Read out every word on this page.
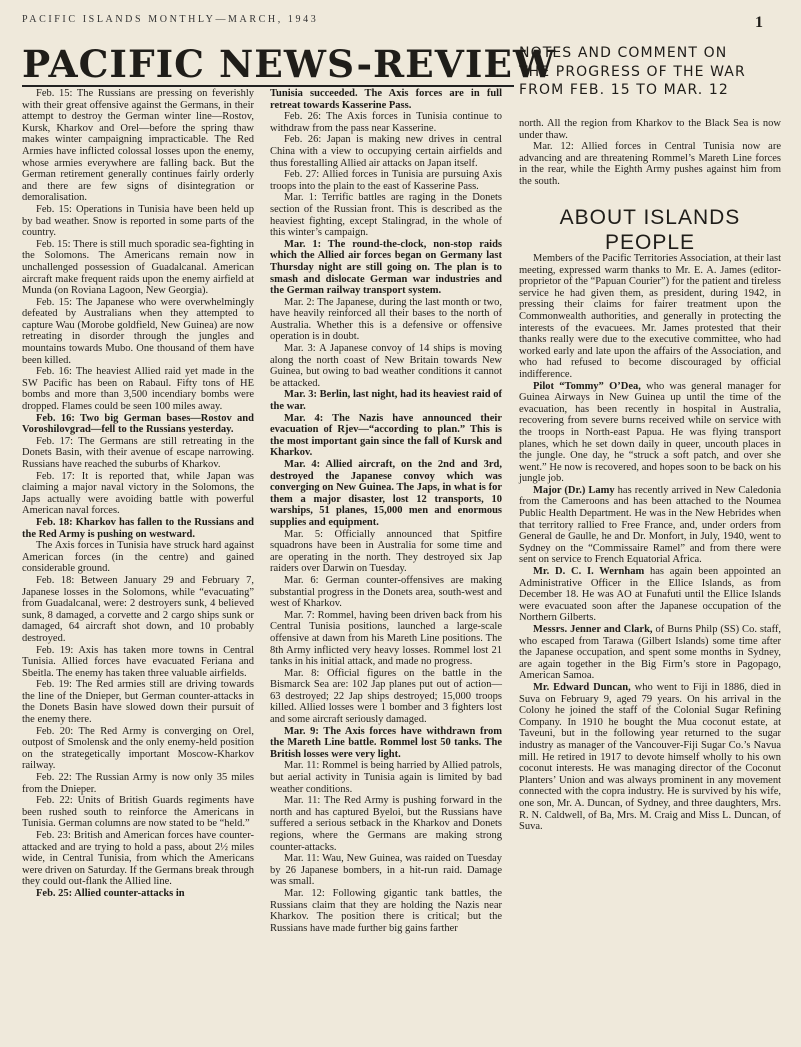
PACIFIC ISLANDS MONTHLY—MARCH, 1943	1
PACIFIC NEWS-REVIEW
NOTES AND COMMENT ON
THE PROGRESS OF THE WAR
FROM FEB. 15 TO MAR. 12

Feb. 15: The Russians are pressing on feverishly with their great offensive against the Germans, in their attempt to destroy the German winter line—Rostov, Kursk, Kharkov and Orel—before the spring thaw makes winter campaigning impracticable. The Red Armies have inflicted colossal losses upon the enemy, whose armies everywhere are falling back. But the German retirement generally continues fairly orderly and there are few signs of disintegration or demoralisation.

Feb. 15: Operations in Tunisia have been held up by bad weather. Snow is reported in some parts of the country.

Feb. 15: There is still much sporadic sea-fighting in the Solomons. The Americans remain now in unchallenged possession of Guadalcanal. American aircraft make frequent raids upon the enemy airfield at Munda (on Roviana Lagoon, New Georgia).

Feb. 15: The Japanese who were overwhelmingly defeated by Australians when they attempted to capture Wau (Morobe goldfield, New Guinea) are now retreating in disorder through the jungles and mountains towards Mubo. One thousand of them have been killed.

Feb. 16: The heaviest Allied raid yet made in the SW Pacific has been on Rabaul. Fifty tons of HE bombs and more than 3,500 incendiary bombs were dropped. Flames could be seen 100 miles away.

Feb. 16: Two big German bases—Rostov and Voroshilovgrad—fell to the Russians yesterday.

Feb. 17: The Germans are still retreating in the Donets Basin, with their avenue of escape narrowing. Russians have reached the suburbs of Kharkov.

Feb. 17: It is reported that, while Japan was claiming a major naval victory in the Solomons, the Japs actually were avoiding battle with powerful American naval forces.

Feb. 18: Kharkov has fallen to the Russians and the Red Army is pushing on westward.

The Axis forces in Tunisia have struck hard against American forces (in the centre) and gained considerable ground.

Feb. 18: Between January 29 and February 7, Japanese losses in the Solomons, while “evacuating” from Guadalcanal, were: 2 destroyers sunk, 4 believed sunk, 8 damaged, a corvette and 2 cargo ships sunk or damaged, 64 aircraft shot down, and 10 probably destroyed.

Feb. 19: Axis has taken more towns in Central Tunisia. Allied forces have evacuated Feriana and Sbeitla. The enemy has taken three valuable airfields.

Feb. 19: The Red armies still are driving towards the line of the Dnieper, but German counter-attacks in the Donets Basin have slowed down their pursuit of the enemy there.

Feb. 20: The Red Army is converging on Orel, outpost of Smolensk and the only enemy-held position on the strategetically important Moscow-Kharkov railway.

Feb. 22: The Russian Army is now only 35 miles from the Dnieper.

Feb. 22: Units of British Guards regiments have been rushed south to reinforce the Americans in Tunisia. German columns are now stated to be “held.”

Feb. 23: British and American forces have counter-attacked and are trying to hold a pass, about 2½ miles wide, in Central Tunisia, from which the Americans were driven on Saturday. If the Germans break through they could out-flank the Allied line.

Feb. 25: Allied counter-attacks in

Tunisia succeeded. The Axis forces are in full retreat towards Kasserine Pass.

Feb. 26: The Axis forces in Tunisia continue to withdraw from the pass near Kasserine.

Feb. 26: Japan is making new drives in central China with a view to occupying certain airfields and thus forestalling Allied air attacks on Japan itself.

Feb. 27: Allied forces in Tunisia are pursuing Axis troops into the plain to the east of Kasserine Pass.

Mar. 1: Terrific battles are raging in the Donets section of the Russian front. This is described as the heaviest fighting, except Stalingrad, in the whole of this winter’s campaign.

Mar. 1: The round-the-clock, non-stop raids which the Allied air forces began on Germany last Thursday night are still going on. The plan is to smash and dislocate German war industries and the German railway transport system.

Mar. 2: The Japanese, during the last month or two, have heavily reinforced all their bases to the north of Australia. Whether this is a defensive or offensive operation is in doubt.

Mar. 3: A Japanese convoy of 14 ships is moving along the north coast of New Britain towards New Guinea, but owing to bad weather conditions it cannot be attacked.

Mar. 3: Berlin, last night, had its heaviest raid of the war.

Mar. 4: The Nazis have announced their evacuation of Rjev—“according to plan.” This is the most important gain since the fall of Kursk and Kharkov.

Mar. 4: Allied aircraft, on the 2nd and 3rd, destroyed the Japanese convoy which was converging on New Guinea. The Japs, in what is for them a major disaster, lost 12 transports, 10 warships, 51 planes, 15,000 men and enormous supplies and equipment.

Mar. 5: Officially announced that Spitfire squadrons have been in Australia for some time and are operating in the north. They destroyed six Jap raiders over Darwin on Tuesday.

Mar. 6: German counter-offensives are making substantial progress in the Donets area, south-west and west of Kharkov.

Mar. 7: Rommel, having been driven back from his Central Tunisia positions, launched a large-scale offensive at dawn from his Mareth Line positions. The 8th Army inflicted very heavy losses. Rommel lost 21 tanks in his initial attack, and made no progress.

Mar. 8: Official figures on the battle in the Bismarck Sea are: 102 Jap planes put out of action—63 destroyed; 22 Jap ships destroyed; 15,000 troops killed. Allied losses were 1 bomber and 3 fighters lost and some aircraft seriously damaged.

Mar. 9: The Axis forces have withdrawn from the Mareth Line battle. Rommel lost 50 tanks. The British losses were very light.

Mar. 11: Rommel is being harried by Allied patrols, but aerial activity in Tunisia again is limited by bad weather conditions.

Mar. 11: The Red Army is pushing forward in the north and has captured Byeloi, but the Russians have suffered a serious setback in the Kharkov and Donets regions, where the Germans are making strong counter-attacks.

Mar. 11: Wau, New Guinea, was raided on Tuesday by 26 Japanese bombers, in a hit-run raid. Damage was small.

Mar. 12: Following gigantic tank battles, the Russians claim that they are holding the Nazis near Kharkov. The position there is critical; but the Russians have made further big gains farther

north. All the region from Kharkov to the Black Sea is now under thaw.

Mar. 12: Allied forces in Central Tunisia now are advancing and are threatening Rommel’s Mareth Line forces in the rear, while the Eighth Army pushes against him from the south.

ABOUT ISLANDS PEOPLE

Members of the Pacific Territories Association, at their last meeting, expressed warm thanks to Mr. E. A. James (editor-proprietor of the “Papuan Courier”) for the patient and tireless service he had given them, as president, during 1942, in pressing their claims for fairer treatment upon the Commonwealth authorities, and generally in protecting the interests of the evacuees. Mr. James protested that their thanks really were due to the executive committee, who had worked early and late upon the affairs of the Association, and who had refused to become discouraged by official indifference.

Pilot “Tommy” O’Dea, who was general manager for Guinea Airways in New Guinea up until the time of the evacuation, has been recently in hospital in Australia, recovering from severe burns received while on service with the troops in North-east Papua. He was flying transport planes, which he set down daily in queer, uncouth places in the jungle. One day, he “struck a soft patch, and over she went.” He now is recovered, and hopes soon to be back on his jungle job.

Major (Dr.) Lamy has recently arrived in New Caledonia from the Cameroons and has been attached to the Noumea Public Health Department. He was in the New Hebrides when that territory rallied to Free France, and, under orders from General de Gaulle, he and Dr. Monfort, in July, 1940, went to Sydney on the “Commissaire Ramel” and from there were sent on service to French Equatorial Africa.

Mr. D. C. I. Wernham has again been appointed an Administrative Officer in the Ellice Islands, as from December 18. He was AO at Funafuti until the Ellice Islands were evacuated soon after the Japanese occupation of the Northern Gilberts.

Messrs. Jenner and Clark, of Burns Philp (SS) Co. staff, who escaped from Tarawa (Gilbert Islands) some time after the Japanese occupation, and spent some months in Sydney, are again together in the Big Firm’s store in Pagopago, American Samoa.

Mr. Edward Duncan, who went to Fiji in 1886, died in Suva on February 9, aged 79 years. On his arrival in the Colony he joined the staff of the Colonial Sugar Refining Company. In 1910 he bought the Mua coconut estate, at Taveuni, but in the following year returned to the sugar industry as manager of the Vancouver-Fiji Sugar Co.’s Navua mill. He retired in 1917 to devote himself wholly to his own coconut interests. He was managing director of the Coconut Planters’ Union and was always prominent in any movement connected with the copra industry. He is survived by his wife, one son, Mr. A. Duncan, of Sydney, and three daughters, Mrs. R. N. Caldwell, of Ba, Mrs. M. Craig and Miss L. Duncan, of Suva.
